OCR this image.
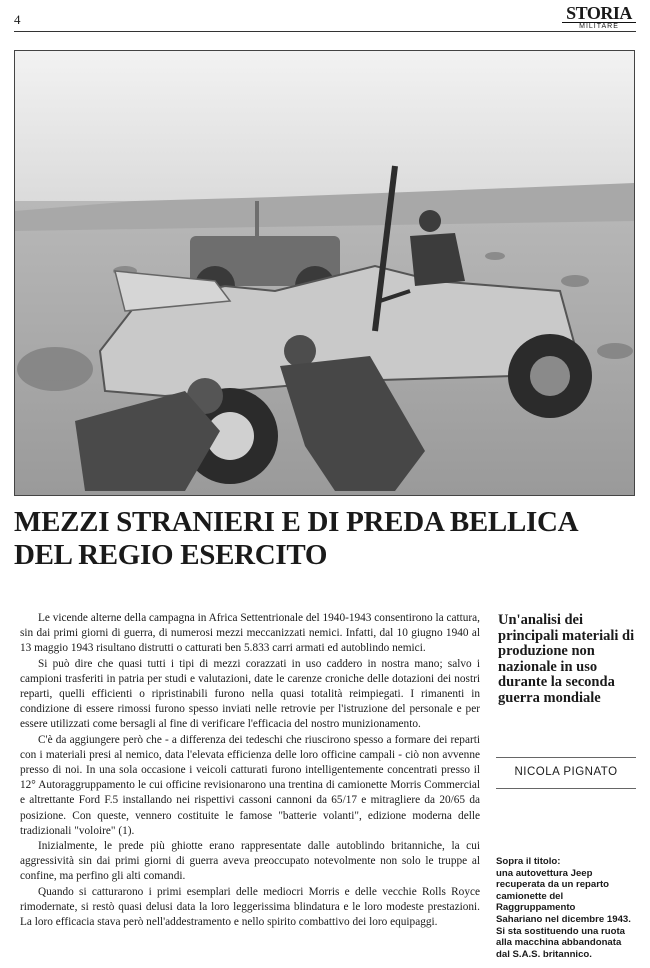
4	STORIA
MILITARE
MEZZI STRANIERI E DI PREDA BELLICA
DEL REGIO ESERCITO

Le vicende alterne della campagna in Africa Settentrionale del 1940-1943 consentirono la cattura, sin dai primi giorni di guerra, di numerosi mezzi meccanizzati nemici. Infatti, dal 10 giugno 1940 al 13 maggio 1943 risultano distrutti o catturati ben 5.833 carri armati ed autoblindo nemici.

Si può dire che quasi tutti i tipi di mezzi corazzati in uso caddero in nostra mano; salvo i campioni trasferiti in patria per studi e valutazioni, date le carenze croniche delle dotazioni dei nostri reparti, quelli efficienti o ripristinabili furono nella quasi totalità reimpiegati. I rimanenti in condizione di essere rimossi furono spesso inviati nelle retrovie per l'istruzione del personale e per essere utilizzati come bersagli al fine di verificare l'efficacia del nostro munizionamento.

C'è da aggiungere però che - a differenza dei tedeschi che riuscirono spesso a formare dei reparti con i materiali presi al nemico, data l'elevata efficienza delle loro officine campali - ciò non avvenne presso di noi. In una sola occasione i veicoli catturati furono intelligentemente concentrati presso il 12° Autoraggruppamento le cui officine revisionarono una trentina di camionette Morris Commercial e altrettante Ford F.5 installando nei rispettivi cassoni cannoni da 65/17 e mitragliere da 20/65 da posizione. Con queste, vennero costituite le famose "batterie volanti", edizione moderna delle tradizionali "voloire" (1).

Inizialmente, le prede più ghiotte erano rappresentate dalle autoblindo britanniche, la cui aggressività sin dai primi giorni di guerra aveva preoccupato notevolmente non solo le truppe al confine, ma perfino gli alti comandi.

Quando si catturarono i primi esemplari delle mediocri Morris e delle vecchie Rolls Royce rimodernate, si restò quasi delusi data la loro leggerissima blindatura e le loro modeste prestazioni. La loro efficacia stava però nell'addestramento e nello spirito combattivo dei loro equipaggi.

Un'analisi dei principali materiali di produzione non nazionale in uso durante la seconda guerra mondiale
NICOLA PIGNATO
Sopra il titolo:
una autovettura Jeep
recuperata da un reparto
camionette del Raggruppamento
Sahariano nel dicembre 1943.
Si sta sostituendo una ruota
alla macchina abbandonata
dal S.A.S. britannico.
